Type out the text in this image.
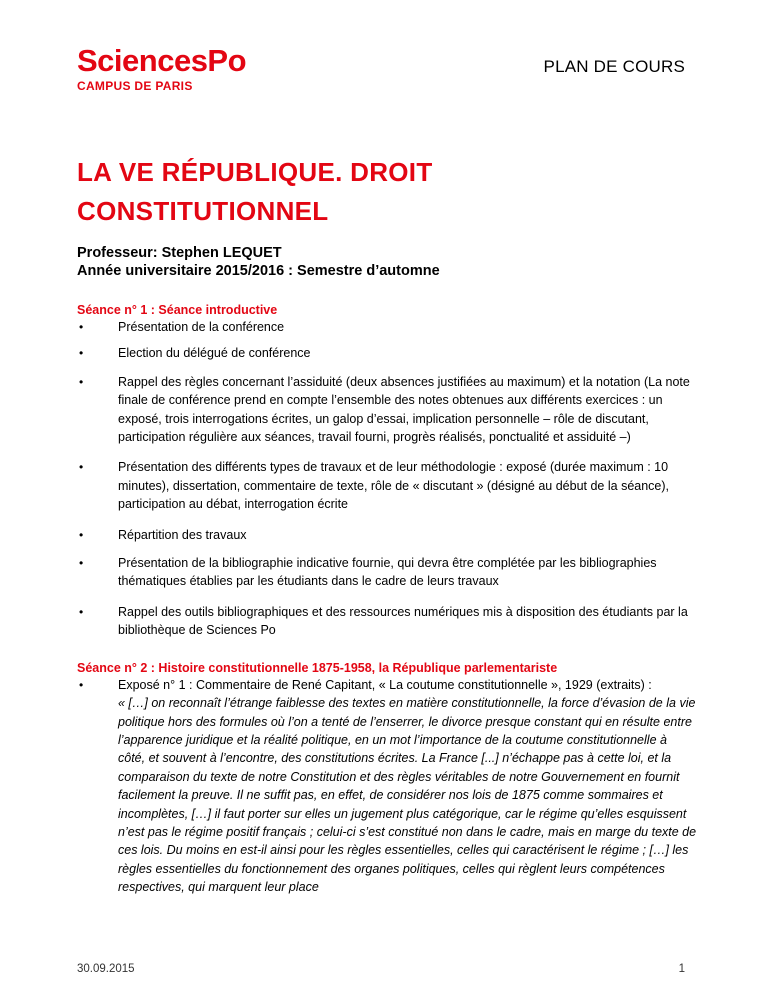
SciencesPo
CAMPUS DE PARIS
PLAN DE COURS
LA VE RÉPUBLIQUE. DROIT
CONSTITUTIONNEL
Professeur: Stephen LEQUET
Année universitaire 2015/2016 : Semestre d’automne
Séance n° 1 : Séance introductive
•	Présentation de la conférence
•	Election du délégué de conférence
•	Rappel des règles concernant l’assiduité (deux absences justifiées au maximum) et la notation (La note finale de conférence prend en compte l’ensemble des notes obtenues aux différents exercices : un exposé, trois interrogations écrites, un galop d’essai, implication personnelle – rôle de discutant, participation régulière aux séances, travail fourni, progrès réalisés, ponctualité et assiduité –)
•	Présentation des différents types de travaux et de leur méthodologie : exposé (durée maximum : 10 minutes), dissertation, commentaire de texte, rôle de « discutant » (désigné au début de la séance), participation au débat, interrogation écrite
•	Répartition des travaux
•	Présentation de la bibliographie indicative fournie, qui devra être complétée par les bibliographies thématiques établies par les étudiants dans le cadre de leurs travaux
•	Rappel des outils bibliographiques et des ressources numériques mis à disposition des étudiants par la bibliothèque de Sciences Po
Séance n° 2 : Histoire constitutionnelle 1875-1958, la République parlementariste
•	Exposé n° 1 : Commentaire de René Capitant, « La coutume constitutionnelle », 1929 (extraits) :
« […] on reconnaît l’étrange faiblesse des textes en matière constitutionnelle, la force d’évasion de la vie politique hors des formules où l’on a tenté de l’enserrer, le divorce presque constant qui en résulte entre l’apparence juridique et la réalité politique, en un mot l’importance de la coutume constitutionnelle à côté, et souvent à l’encontre, des constitutions écrites. La France [...] n’échappe pas à cette loi, et la comparaison du texte de notre Constitution et des règles véritables de notre Gouvernement en fournit facilement la preuve. Il ne suffit pas, en effet, de considérer nos lois de 1875 comme sommaires et incomplètes, […] il faut porter sur elles un jugement plus catégorique, car le régime qu’elles esquissent n’est pas le régime positif français ; celui-ci s’est constitué non dans le cadre, mais en marge du texte de ces lois. Du moins en est-il ainsi pour les règles essentielles, celles qui caractérisent le régime ; […] les règles essentielles du fonctionnement des organes politiques, celles qui règlent leurs compétences respectives, qui marquent leur place
30.09.2015	1
